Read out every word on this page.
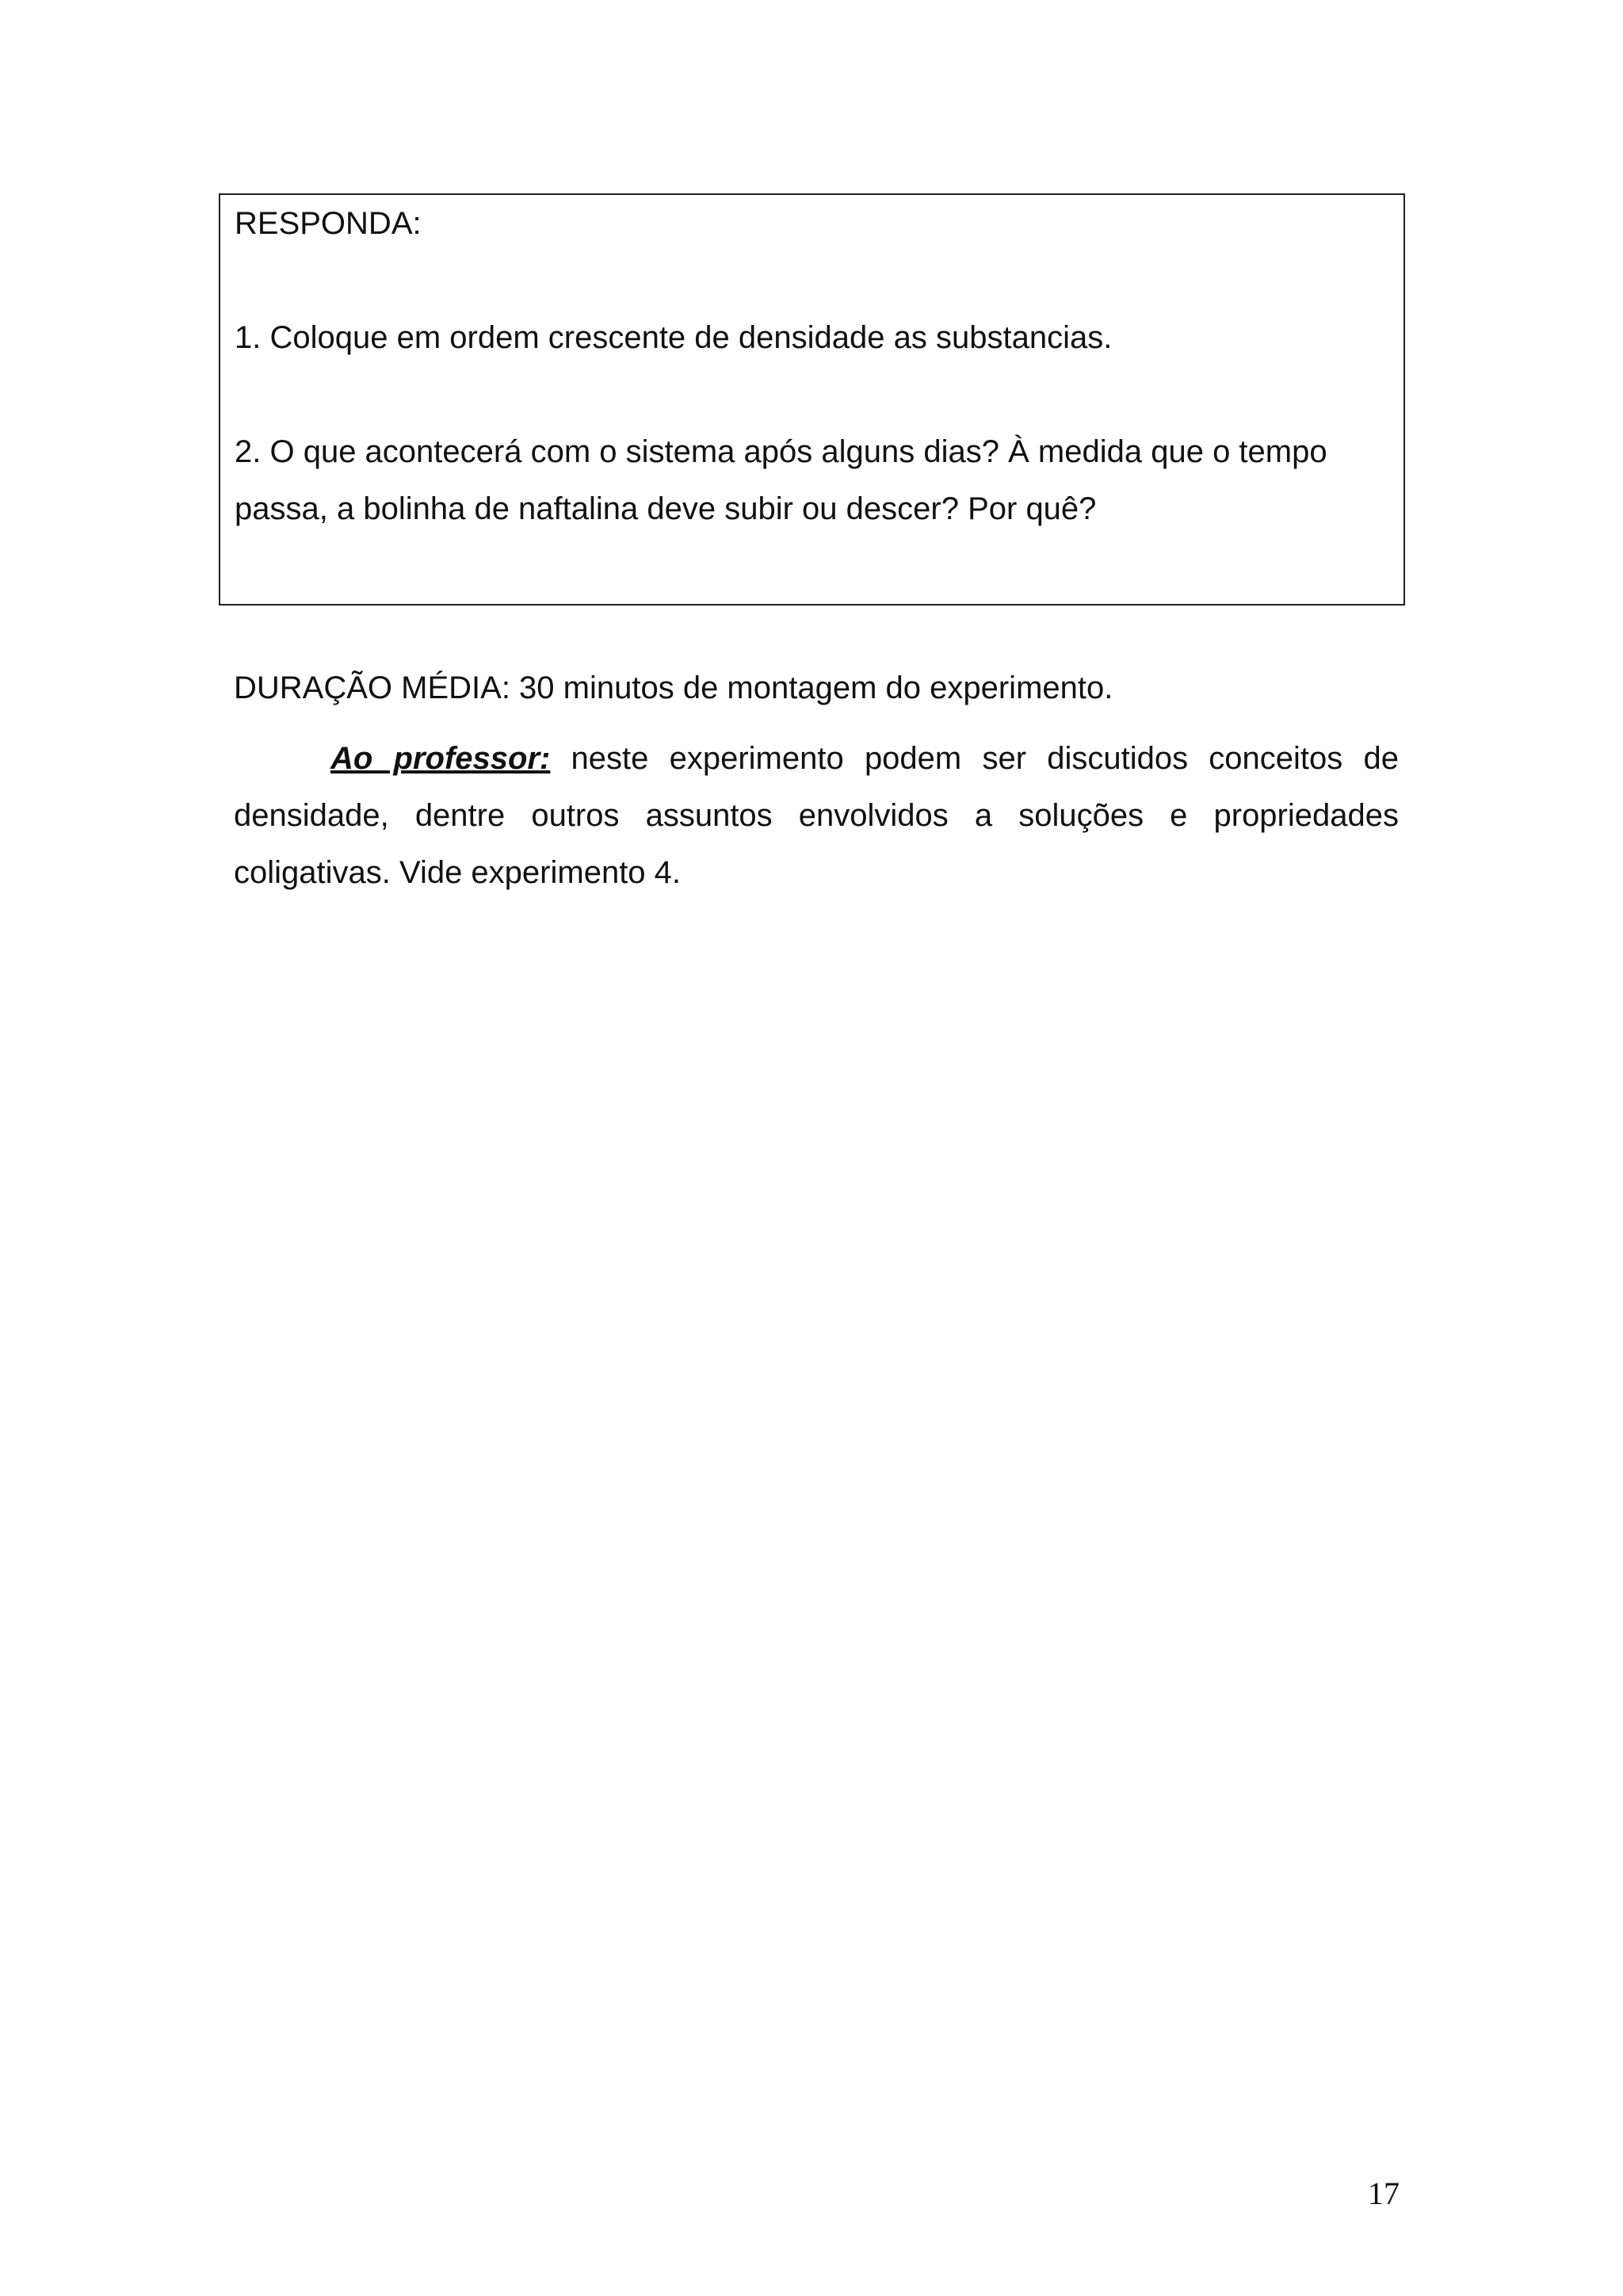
RESPONDA:

1. Coloque em ordem crescente de densidade as substancias.

2. O que acontecerá com o sistema após alguns dias? À medida que o tempo

passa, a bolinha de naftalina deve subir ou descer? Por quê?

DURAÇÃO MÉDIA: 30 minutos de montagem do experimento.

Ao professor: neste experimento podem ser discutidos conceitos de densidade, dentre outros assuntos envolvidos a soluções e propriedades coligativas. Vide experimento 4.

17
